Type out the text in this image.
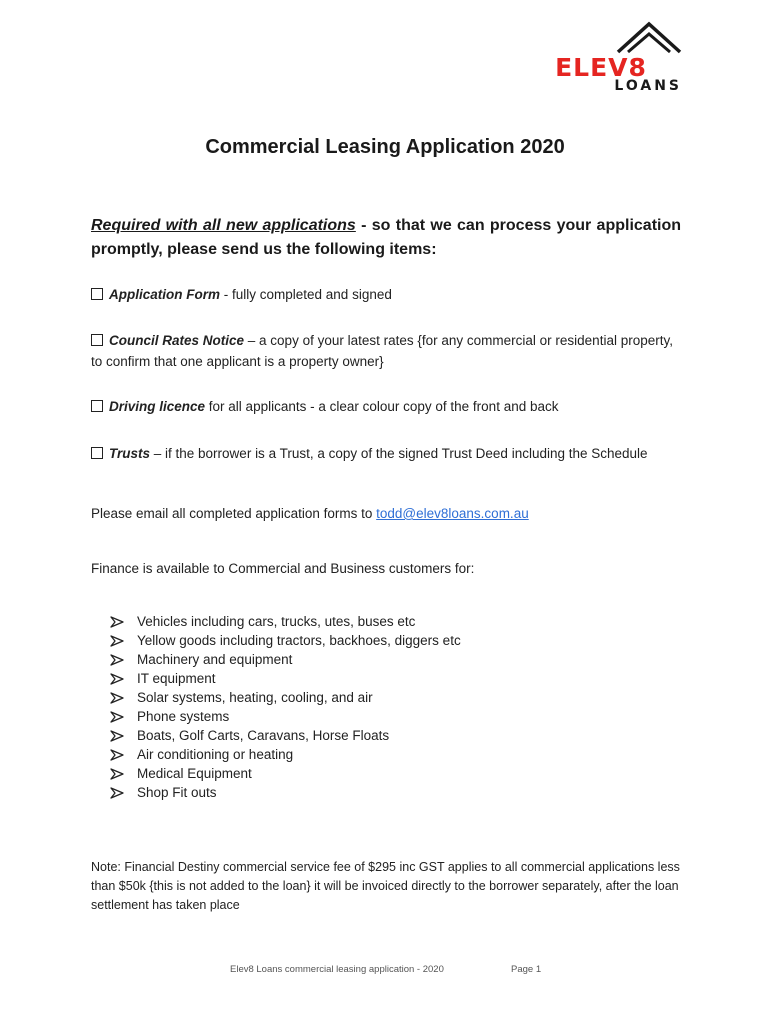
ELEV8
LOANS
Commercial Leasing Application 2020
Required with all new applications - so that we can process your application promptly, please send us the following items:
Application Form - fully completed and signed
Council Rates Notice – a copy of your latest rates {for any commercial or residential property, to confirm that one applicant is a property owner}
Driving licence for all applicants - a clear colour copy of the front and back
Trusts – if the borrower is a Trust, a copy of the signed Trust Deed including the Schedule
Please email all completed application forms to todd@elev8loans.com.au
Finance is available to Commercial and Business customers for:
Vehicles including cars, trucks, utes, buses etc
Yellow goods including tractors, backhoes, diggers etc
Machinery and equipment
IT equipment
Solar systems, heating, cooling, and air
Phone systems
Boats, Golf Carts, Caravans, Horse Floats
Air conditioning or heating
Medical Equipment
Shop Fit outs
Note: Financial Destiny commercial service fee of $295 inc GST applies to all commercial applications less than $50k {this is not added to the loan} it will be invoiced directly to the borrower separately, after the loan settlement has taken place
Elev8 Loans commercial leasing application - 2020	Page 1
